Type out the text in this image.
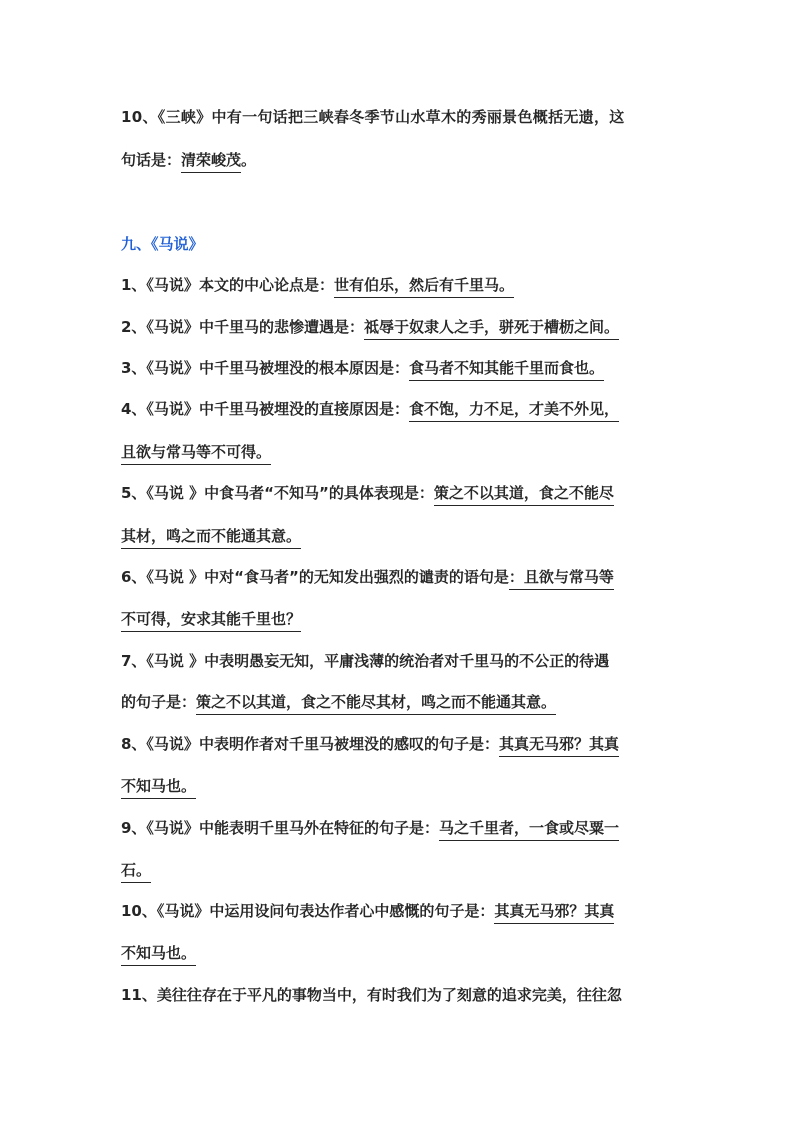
10、《三峡》中有一句话把三峡春冬季节山水草木的秀丽景色概括无遗，这
句话是：清荣峻茂。
九、《马说》
1、《马说》本文的中心论点是：世有伯乐，然后有千里马。
2、《马说》中千里马的悲惨遭遇是：祗辱于奴隶人之手，骈死于槽枥之间。
3、《马说》中千里马被埋没的根本原因是：食马者不知其能千里而食也。
4、《马说》中千里马被埋没的直接原因是：食不饱，力不足，才美不外见，
且欲与常马等不可得。
5、《马说 》中食马者“不知马”的具体表现是：策之不以其道，食之不能尽
其材，鸣之而不能通其意。
6、《马说 》中对“食马者”的无知发出强烈的谴责的语句是：且欲与常马等
不可得，安求其能千里也？
7、《马说 》中表明愚妄无知，平庸浅薄的统治者对千里马的不公正的待遇
的句子是：策之不以其道，食之不能尽其材，鸣之而不能通其意。
8、《马说》中表明作者对千里马被埋没的感叹的句子是：其真无马邪？其真
不知马也。
9、《马说》中能表明千里马外在特征的句子是：马之千里者，一食或尽粟一
石。
10、《马说》中运用设问句表达作者心中感慨的句子是：其真无马邪？其真
不知马也。
11、美往往存在于平凡的事物当中，有时我们为了刻意的追求完美，往往忽
